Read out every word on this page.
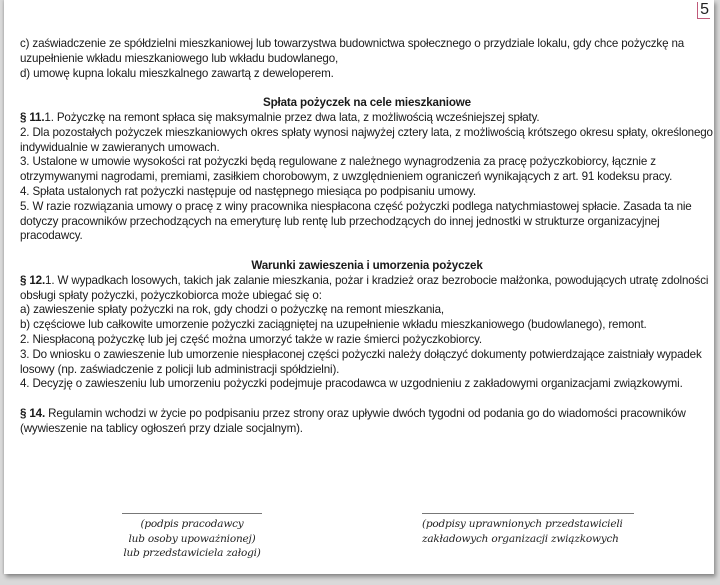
5

c) zaświadczenie ze spółdzielni mieszkaniowej lub towarzystwa budownictwa społecznego o przydziale lokalu, gdy chce pożyczkę na uzupełnienie wkładu mieszkaniowego lub wkładu budowlanego,

d) umowę kupna lokalu mieszkalnego zawartą z deweloperem.

Spłata pożyczek na cele mieszkaniowe

§ 11.1. Pożyczkę na remont spłaca się maksymalnie przez dwa lata, z możliwością wcześniejszej spłaty.

2. Dla pozostałych pożyczek mieszkaniowych okres spłaty wynosi najwyżej cztery lata, z możliwością krótszego okresu spłaty, określonego indywidualnie w zawieranych umowach.

3. Ustalone w umowie wysokości rat pożyczki będą regulowane z należnego wynagrodzenia za pracę pożyczkobiorcy, łącznie z otrzymywanymi nagrodami, premiami, zasiłkiem chorobowym, z uwzględnieniem ograniczeń wynikających z art. 91 kodeksu pracy.

4. Spłata ustalonych rat pożyczki następuje od następnego miesiąca po podpisaniu umowy.

5. W razie rozwiązania umowy o pracę z winy pracownika niespłacona część pożyczki podlega natychmiastowej spłacie. Zasada ta nie dotyczy pracowników przechodzących na emeryturę lub rentę lub przechodzących do innej jednostki w strukturze organizacyjnej pracodawcy.

Warunki zawieszenia i umorzenia pożyczek

§ 12.1. W wypadkach losowych, takich jak zalanie mieszkania, pożar i kradzież oraz bezrobocie małżonka, powodujących utratę zdolności obsługi spłaty pożyczki, pożyczkobiorca może ubiegać się o:

a) zawieszenie spłaty pożyczki na rok, gdy chodzi o pożyczkę na remont mieszkania,

b) częściowe lub całkowite umorzenie pożyczki zaciągniętej na uzupełnienie wkładu mieszkaniowego (budowlanego), remont.

2. Niespłaconą pożyczkę lub jej część można umorzyć także w razie śmierci pożyczkobiorcy.

3. Do wniosku o zawieszenie lub umorzenie niespłaconej części pożyczki należy dołączyć dokumenty potwierdzające zaistniały wypadek losowy (np. zaświadczenie z policji lub administracji spółdzielni).

4. Decyzję o zawieszeniu lub umorzeniu pożyczki podejmuje pracodawca w uzgodnieniu z zakładowymi organizacjami związkowymi.

§ 14. Regulamin wchodzi w życie po podpisaniu przez strony oraz upływie dwóch tygodni od podania go do wiadomości pracowników (wywieszenie na tablicy ogłoszeń przy dziale socjalnym).

(podpis pracodawcy
lub osoby upoważnionej)
lub przedstawiciela załogi)
(podpisy uprawnionych przedstawicieli
zakładowych organizacji związkowych
